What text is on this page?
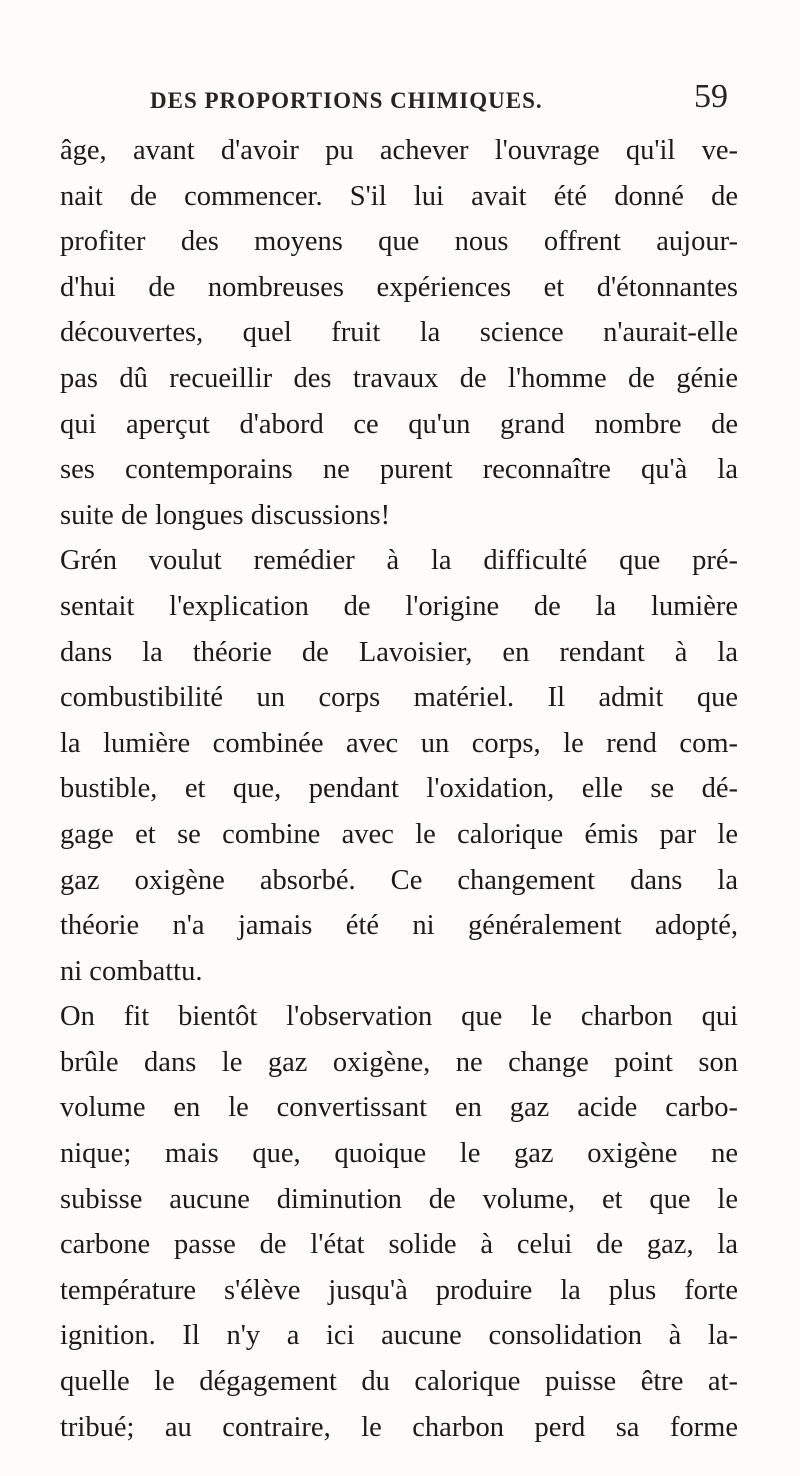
DES PROPORTIONS CHIMIQUES.	59
âge, avant d'avoir pu achever l'ouvrage qu'il ve-
nait de commencer. S'il lui avait été donné de
profiter des moyens que nous offrent aujour-
d'hui de nombreuses expériences et d'étonnantes
découvertes, quel fruit la science n'aurait-elle
pas dû recueillir des travaux de l'homme de génie
qui aperçut d'abord ce qu'un grand nombre de
ses contemporains ne purent reconnaître qu'à la
suite de longues discussions!
Grén voulut remédier à la difficulté que pré-
sentait l'explication de l'origine de la lumière
dans la théorie de Lavoisier, en rendant à la
combustibilité un corps matériel. Il admit que
la lumière combinée avec un corps, le rend com-
bustible, et que, pendant l'oxidation, elle se dé-
gage et se combine avec le calorique émis par le
gaz oxigène absorbé. Ce changement dans la
théorie n'a jamais été ni généralement adopté,
ni combattu.
On fit bientôt l'observation que le charbon qui
brûle dans le gaz oxigène, ne change point son
volume en le convertissant en gaz acide carbo-
nique; mais que, quoique le gaz oxigène ne
subisse aucune diminution de volume, et que le
carbone passe de l'état solide à celui de gaz, la
température s'élève jusqu'à produire la plus forte
ignition. Il n'y a ici aucune consolidation à la-
quelle le dégagement du calorique puisse être at-
tribué; au contraire, le charbon perd sa forme
